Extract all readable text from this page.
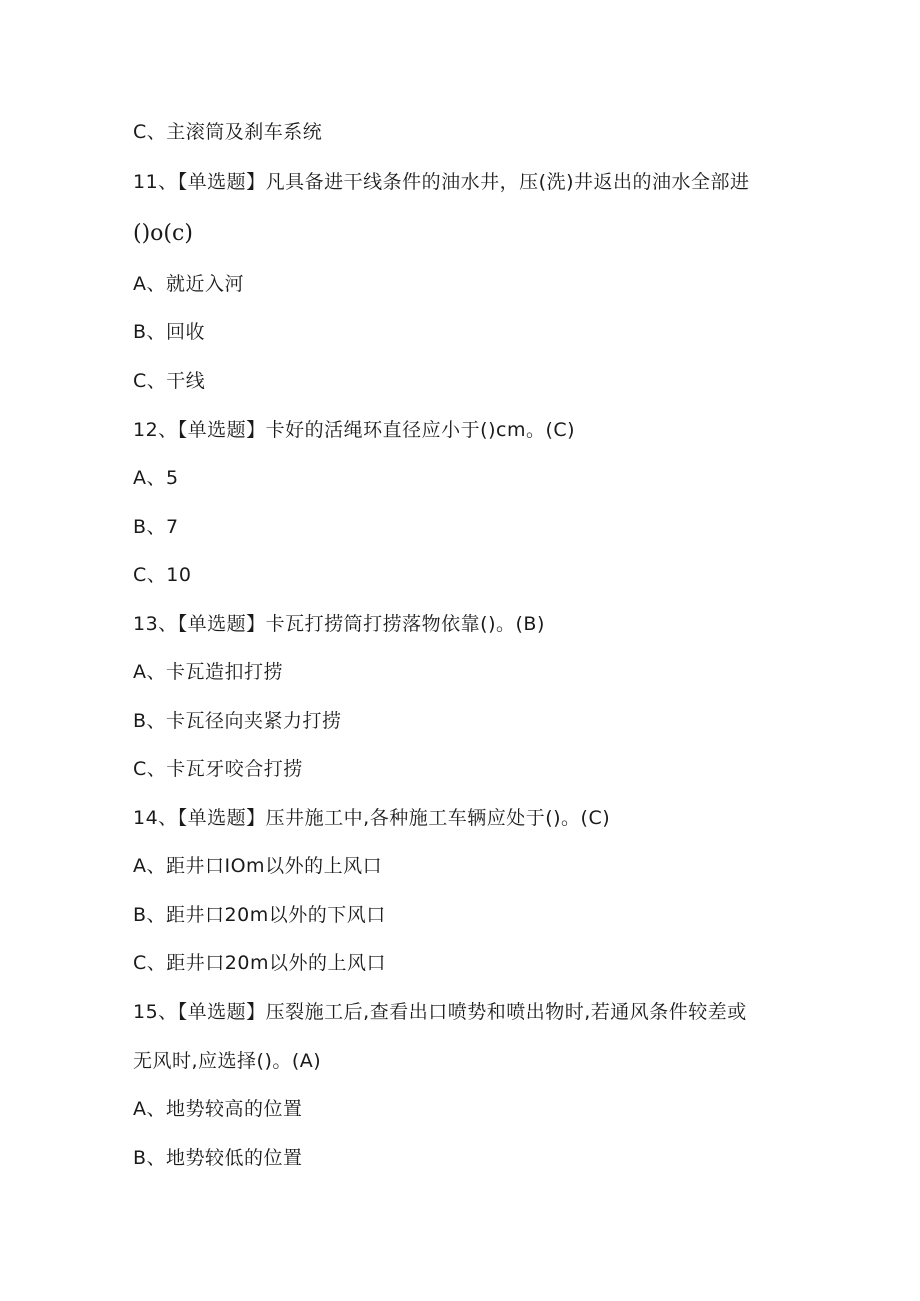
C、主滚筒及刹车系统
11、【单选题】凡具备进干线条件的油水井，压(洗)井返出的油水全部进
()o(c)
A、就近入河
B、回收
C、干线
12、【单选题】卡好的活绳环直径应小于()cm。(C)
A、5
B、7
C、10
13、【单选题】卡瓦打捞筒打捞落物依靠()。(B)
A、卡瓦造扣打捞
B、卡瓦径向夹紧力打捞
C、卡瓦牙咬合打捞
14、【单选题】压井施工中,各种施工车辆应处于()。(C)
A、距井口IOm以外的上风口
B、距井口20m以外的下风口
C、距井口20m以外的上风口
15、【单选题】压裂施工后,查看出口喷势和喷出物时,若通风条件较差或
无风时,应选择()。(A)
A、地势较高的位置
B、地势较低的位置
